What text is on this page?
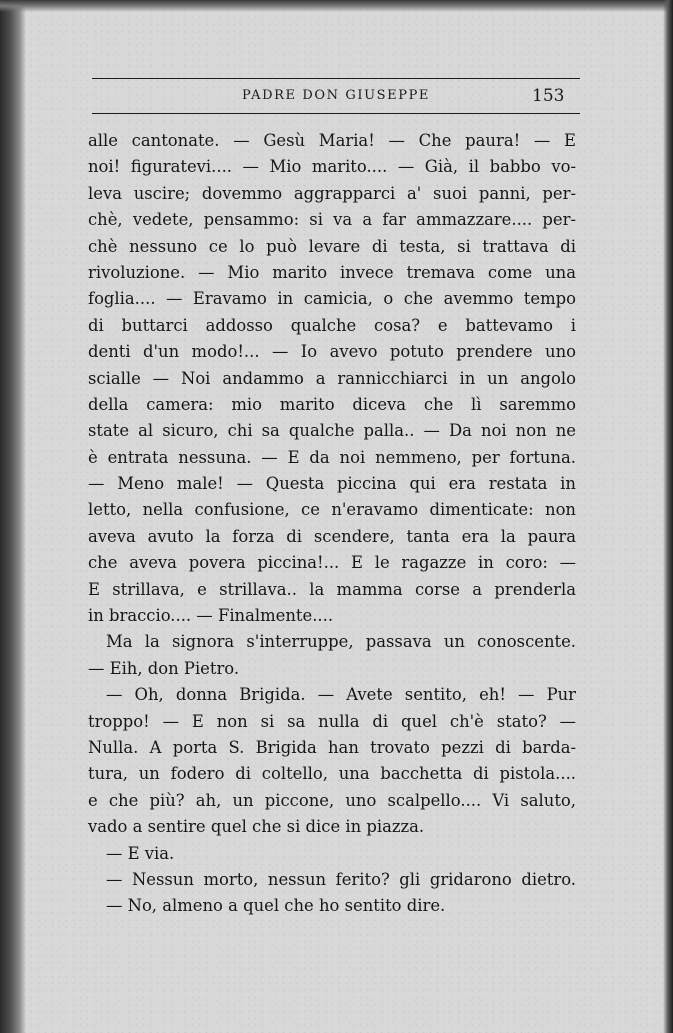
PADRE DON GIUSEPPE	153
alle cantonate. — Gesù Maria! — Che paura! — E
noi! figuratevi.... — Mio marito.... — Già, il babbo vo-
leva uscire; dovemmo aggrapparci a' suoi panni, per-
chè, vedete, pensammo: si va a far ammazzare.... per-
chè nessuno ce lo può levare di testa, si trattava di
rivoluzione. — Mio marito invece tremava come una
foglia.... — Eravamo in camicia, o che avemmo tempo
di buttarci addosso qualche cosa? e battevamo i
denti d'un modo!... — Io avevo potuto prendere uno
scialle — Noi andammo a rannicchiarci in un angolo
della camera: mio marito diceva che lì saremmo
state al sicuro, chi sa qualche palla.. — Da noi non ne
è entrata nessuna. — E da noi nemmeno, per fortuna.
— Meno male! — Questa piccina qui era restata in
letto, nella confusione, ce n'eravamo dimenticate: non
aveva avuto la forza di scendere, tanta era la paura
che aveva povera piccina!... E le ragazze in coro: —
E strillava, e strillava.. la mamma corse a prenderla
in braccio.... — Finalmente....
Ma la signora s'interruppe, passava un conoscente.
— Eih, don Pietro.
— Oh, donna Brigida. — Avete sentito, eh! — Pur
troppo! — E non si sa nulla di quel ch'è stato? —
Nulla. A porta S. Brigida han trovato pezzi di barda-
tura, un fodero di coltello, una bacchetta di pistola....
e che più? ah, un piccone, uno scalpello.... Vi saluto,
vado a sentire quel che si dice in piazza.
— E via.
— Nessun morto, nessun ferito? gli gridarono dietro.
— No, almeno a quel che ho sentito dire.
